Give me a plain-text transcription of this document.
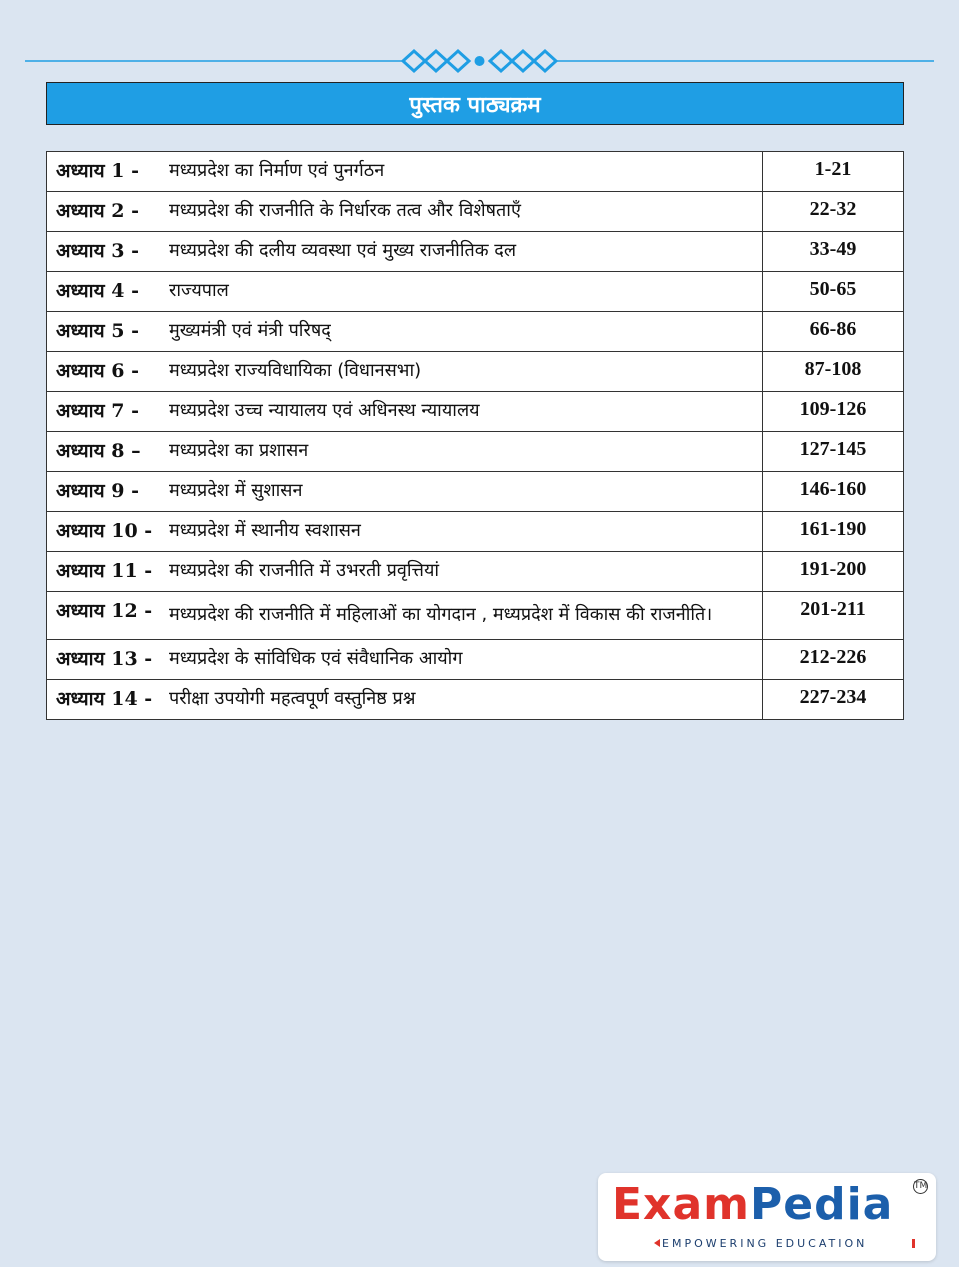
पुस्तक पाठ्यक्रम
अध्याय 1 - मध्यप्रदेश का निर्माण एवं पुनर्गठन	1-21

अध्याय 2 - मध्यप्रदेश की राजनीति के निर्धारक तत्व और विशेषताएँ	22-32

अध्याय 3 - मध्यप्रदेश की दलीय व्यवस्था एवं मुख्य राजनीतिक दल	33-49

अध्याय 4 - राज्यपाल	50-65

अध्याय 5 - मुख्यमंत्री एवं मंत्री परिषद्	66-86

अध्याय 6 - मध्यप्रदेश राज्यविधायिका (विधानसभा)	87-108

अध्याय 7 - मध्यप्रदेश उच्च न्यायालय एवं अधिनस्थ न्यायालय	109-126

अध्याय 8 – मध्यप्रदेश का प्रशासन	127-145

अध्याय 9 - मध्यप्रदेश में सुशासन	146-160

अध्याय 10 - मध्यप्रदेश में स्थानीय स्वशासन	161-190

अध्याय 11 - मध्यप्रदेश की राजनीति में उभरती प्रवृत्तियां	191-200

अध्याय 12 - मध्यप्रदेश की राजनीति में महिलाओं का योगदान , मध्यप्रदेश में विकास की राजनीति।	201-211

अध्याय 13 - मध्यप्रदेश के सांविधिक एवं संवैधानिक आयोग	212-226

अध्याय 14 - परीक्षा उपयोगी महत्वपूर्ण वस्तुनिष्ठ प्रश्न	227-234
ExamPedia TM
EMPOWERING EDUCATION
